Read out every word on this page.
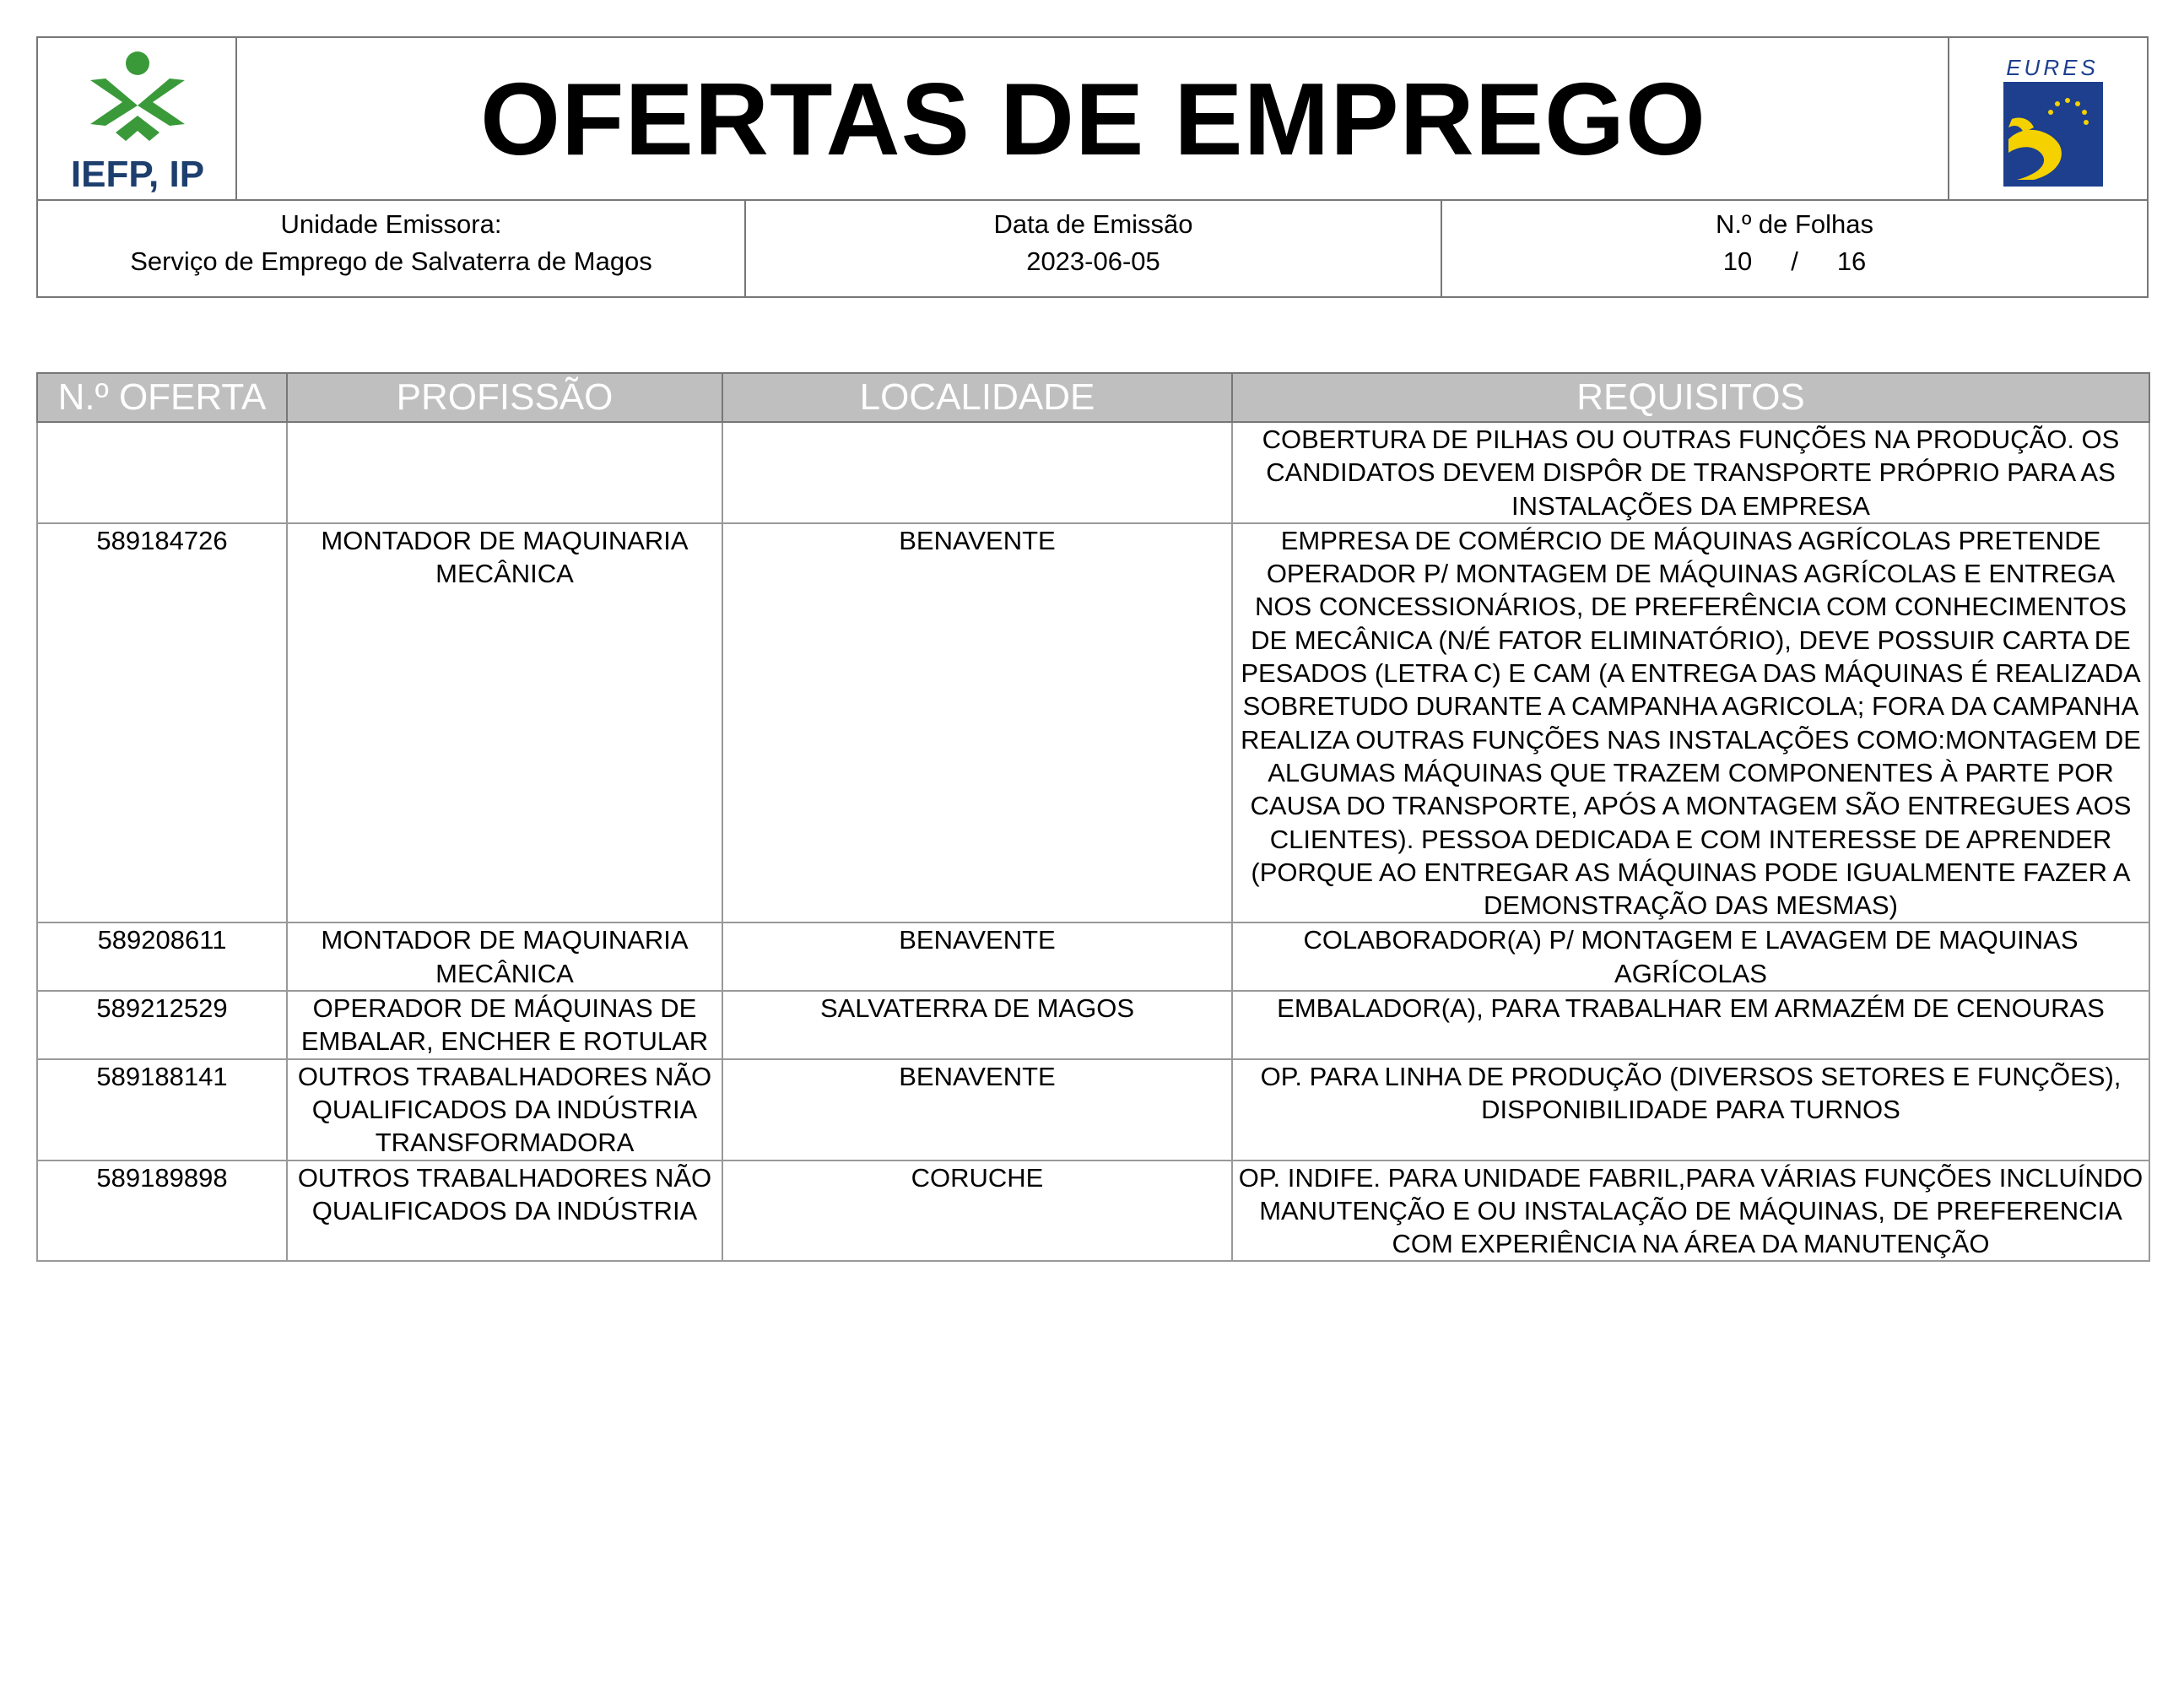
IEFP, IP	OFERTAS DE EMPREGO	EURES
Unidade Emissora:
Serviço de Emprego de Salvaterra de Magos
Data de Emissão
2023-06-05
N.º de Folhas
10 / 16
N.º OFERTA	PROFISSÃO	LOCALIDADE	REQUISITOS
			COBERTURA DE PILHAS OU OUTRAS FUNÇÕES NA PRODUÇÃO. OS CANDIDATOS DEVEM DISPÔR DE TRANSPORTE PRÓPRIO PARA AS INSTALAÇÕES DA EMPRESA
589184726	MONTADOR DE MAQUINARIA MECÂNICA	BENAVENTE	EMPRESA DE COMÉRCIO DE MÁQUINAS AGRÍCOLAS PRETENDE OPERADOR P/ MONTAGEM DE MÁQUINAS AGRÍCOLAS E ENTREGA NOS CONCESSIONÁRIOS, DE PREFERÊNCIA COM CONHECIMENTOS DE MECÂNICA (N/É FATOR ELIMINATÓRIO), DEVE POSSUIR CARTA DE PESADOS (LETRA C) E CAM (A ENTREGA DAS MÁQUINAS É REALIZADA SOBRETUDO DURANTE A CAMPANHA AGRICOLA; FORA DA CAMPANHA REALIZA OUTRAS FUNÇÕES NAS INSTALAÇÕES COMO:MONTAGEM DE ALGUMAS MÁQUINAS QUE TRAZEM COMPONENTES À PARTE POR CAUSA DO TRANSPORTE, APÓS A MONTAGEM SÃO ENTREGUES AOS CLIENTES). PESSOA DEDICADA E COM INTERESSE DE APRENDER (PORQUE AO ENTREGAR AS MÁQUINAS PODE IGUALMENTE FAZER A DEMONSTRAÇÃO DAS MESMAS)
589208611	MONTADOR DE MAQUINARIA MECÂNICA	BENAVENTE	COLABORADOR(A) P/ MONTAGEM E LAVAGEM DE MAQUINAS AGRÍCOLAS
589212529	OPERADOR DE MÁQUINAS DE EMBALAR, ENCHER E ROTULAR	SALVATERRA DE MAGOS	EMBALADOR(A), PARA TRABALHAR EM ARMAZÉM DE CENOURAS
589188141	OUTROS TRABALHADORES NÃO QUALIFICADOS DA INDÚSTRIA TRANSFORMADORA	BENAVENTE	OP. PARA LINHA DE PRODUÇÃO (DIVERSOS SETORES E FUNÇÕES), DISPONIBILIDADE PARA TURNOS
589189898	OUTROS TRABALHADORES NÃO QUALIFICADOS DA INDÚSTRIA	CORUCHE	OP. INDIFE. PARA UNIDADE FABRIL,PARA VÁRIAS FUNÇÕES INCLUÍNDO MANUTENÇÃO E OU INSTALAÇÃO DE MÁQUINAS, DE PREFERENCIA COM EXPERIÊNCIA NA ÁREA DA MANUTENÇÃO
